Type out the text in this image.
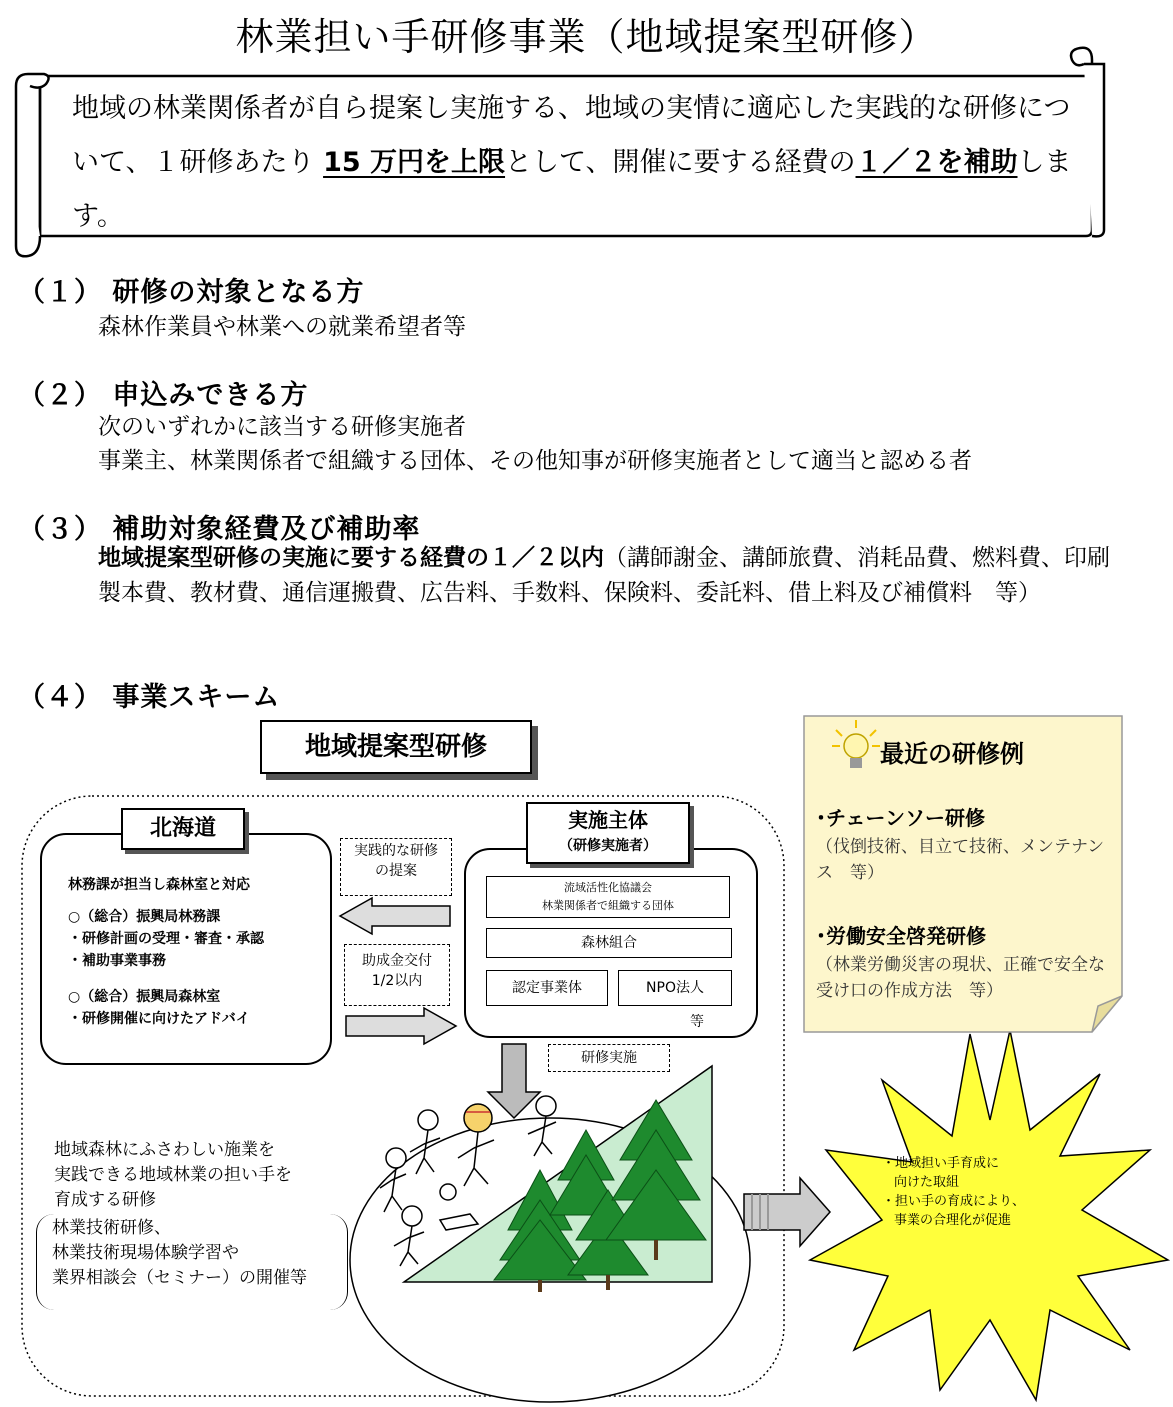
林業担い手研修事業（地域提案型研修）
地域の林業関係者が自ら提案し実施する、地域の実情に適応した実践的な研修について、１研修あたり 15 万円を上限として、開催に要する経費の１／２を補助します。
（１） 研修の対象となる方
森林作業員や林業への就業希望者等
（２） 申込みできる方
次のいずれかに該当する研修実施者
事業主、林業関係者で組織する団体、その他知事が研修実施者として適当と認める者
（３） 補助対象経費及び補助率
地域提案型研修の実施に要する経費の１／２以内（講師謝金、講師旅費、消耗品費、燃料費、印刷製本費、教材費、通信運搬費、広告料、手数料、保険料、委託料、借上料及び補償料　等）
（４） 事業スキーム
地域提案型研修
北海道
林務課が担当し森林室と対応
○（総合）振興局林務課
・研修計画の受理・審査・承認
・補助事業事務
○（総合）振興局森林室
・研修開催に向けたアドバイ
実践的な研修
の提案
助成金交付
1/2以内
実施主体
（研修実施者）
流域活性化協議会
林業関係者で組織する団体
森林組合
認定事業体	NPO法人
等
研修実施
地域森林にふさわしい施業を
実践できる地域林業の担い手を
育成する研修
林業技術研修、
林業技術現場体験学習や
業界相談会（セミナー）の開催等
・地域担い手育成に
向けた取組
・担い手の育成により、
事業の合理化が促進
最近の研修例
･チェーンソー研修
（伐倒技術、目立て技術、メンテナンス　等）
･労働安全啓発研修
（林業労働災害の現状、正確で安全な受け口の作成方法　等）
